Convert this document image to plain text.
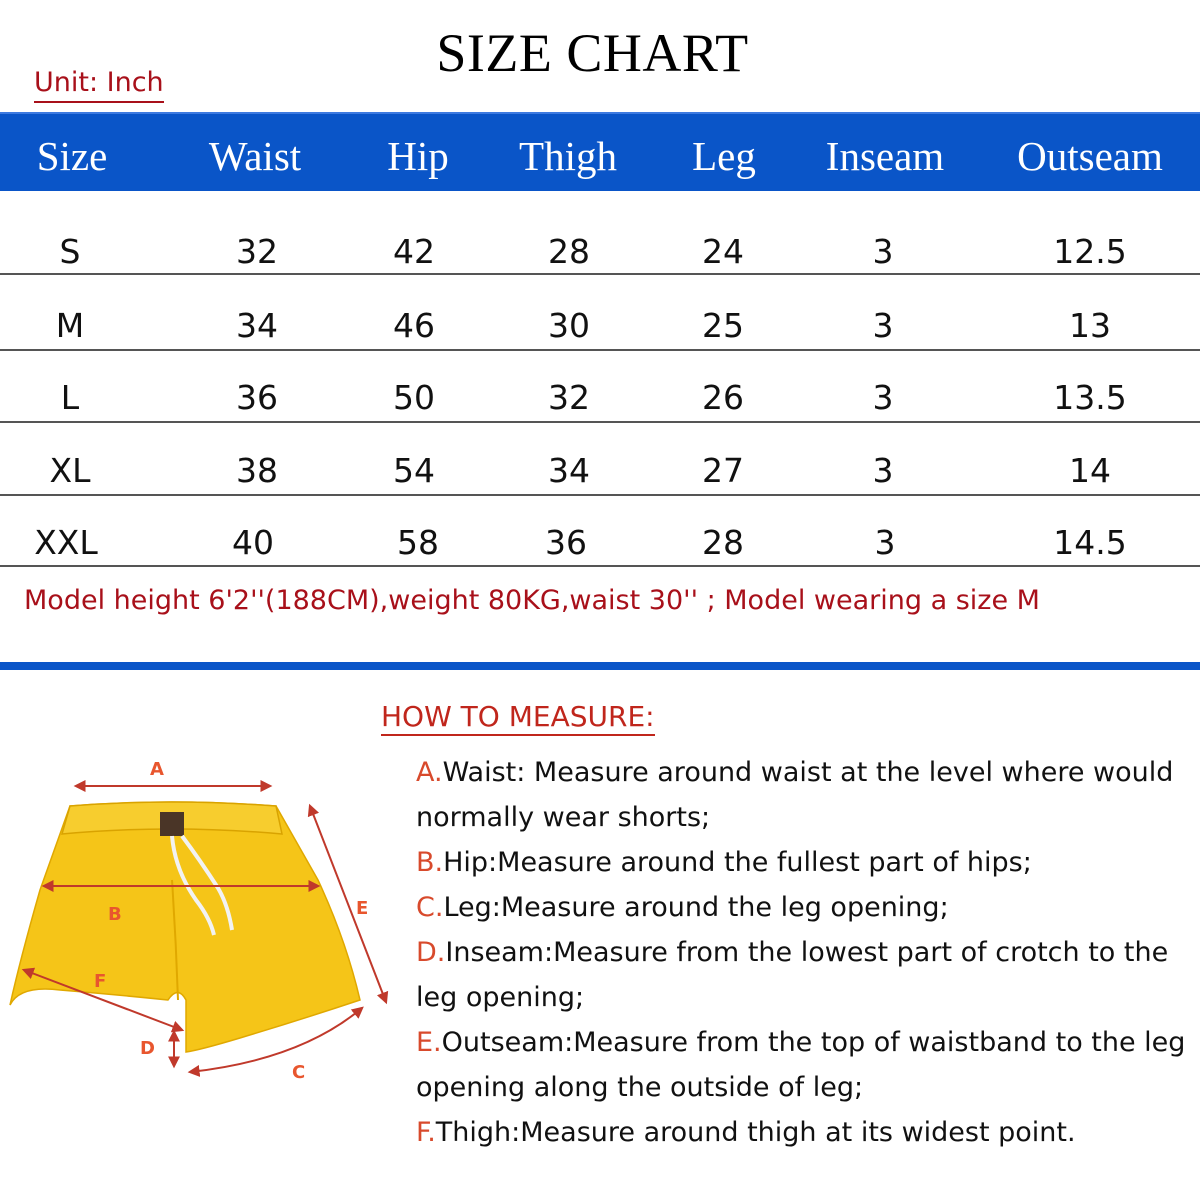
SIZE CHART
Unit: Inch
Size Waist Hip Thigh Leg Inseam Outseam
S	32	42	28	24	3	12.5
M	34	46	30	25	3	13
L	36	50	32	26	3	13.5
XL	38	54	34	27	3	14
XXL	40	58	36	28	3	14.5
Model height 6'2''(188CM),weight 80KG,waist 30'' ; Model wearing a size M
HOW TO MEASURE:
A.Waist: Measure around waist at the level where would
normally wear shorts;
B.Hip:Measure around the fullest part of hips;
C.Leg:Measure around the leg opening;
D.Inseam:Measure from the lowest part of crotch to the
leg opening;
E.Outseam:Measure from the top of waistband to the leg
opening along the outside of leg;
F.Thigh:Measure around thigh at its widest point.
A
B	E
F
D
C
